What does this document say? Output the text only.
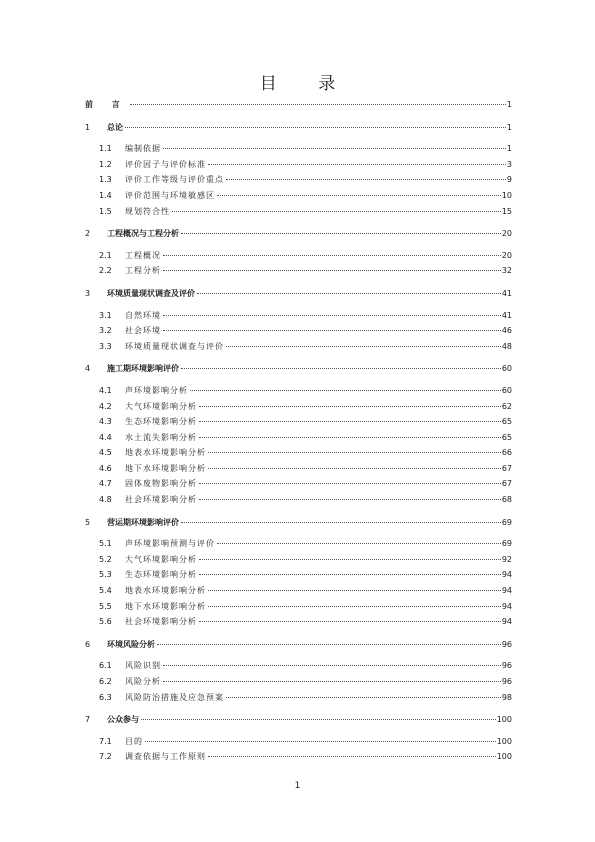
目 录
前 言	1
1	总论	1
1.1	编制依据	1
1.2	评价因子与评价标准	3
1.3	评价工作等级与评价重点	9
1.4	评价范围与环境敏感区	10
1.5	规划符合性	15
2	工程概况与工程分析	20
2.1	工程概况	20
2.2	工程分析	32
3	环境质量现状调查及评价	41
3.1	自然环境	41
3.2	社会环境	46
3.3	环境质量现状调查与评价	48
4	施工期环境影响评价	60
4.1	声环境影响分析	60
4.2	大气环境影响分析	62
4.3	生态环境影响分析	65
4.4	水土流失影响分析	65
4.5	地表水环境影响分析	66
4.6	地下水环境影响分析	67
4.7	固体废物影响分析	67
4.8	社会环境影响分析	68
5	营运期环境影响评价	69
5.1	声环境影响预测与评价	69
5.2	大气环境影响分析	92
5.3	生态环境影响分析	94
5.4	地表水环境影响分析	94
5.5	地下水环境影响分析	94
5.6	社会环境影响分析	94
6	环境风险分析	96
6.1	风险识别	96
6.2	风险分析	96
6.3	风险防治措施及应急预案	98
7	公众参与	100
7.1	目的	100
7.2	调查依据与工作原则	100
1
